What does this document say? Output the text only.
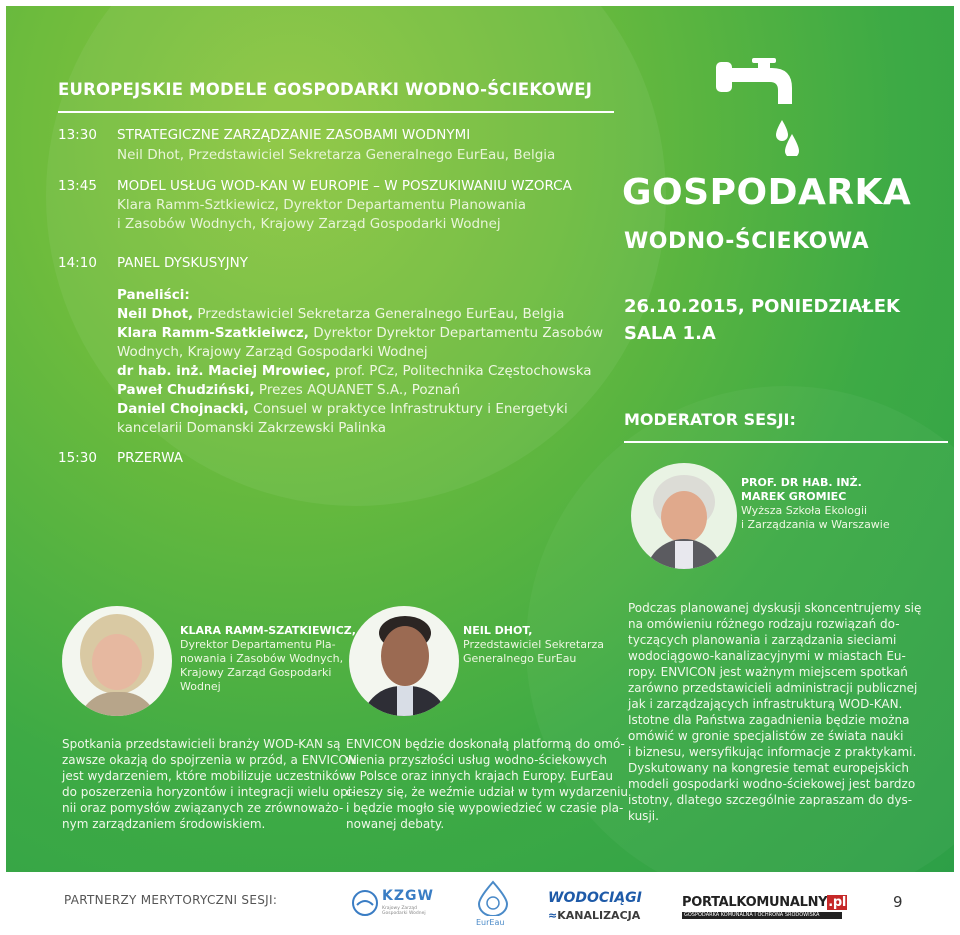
EUROPEJSKIE MODELE GOSPODARKI WODNO-ŚCIEKOWEJ
13:30 STRATEGICZNE ZARZĄDZANIE ZASOBAMI WODNYMI
Neil Dhot, Przedstawiciel Sekretarza Generalnego EurEau, Belgia
13:45 MODEL USŁUG WOD-KAN W EUROPIE – W POSZUKIWANIU WZORCA
Klara Ramm-Sztkiewicz, Dyrektor Departamentu Planowania
i Zasobów Wodnych, Krajowy Zarząd Gospodarki Wodnej
14:10 PANEL DYSKUSYJNY
Paneliści:
Neil Dhot, Przedstawiciel Sekretarza Generalnego EurEau, Belgia
Klara Ramm-Szatkieiwcz, Dyrektor Dyrektor Departamentu Zasobów
Wodnych, Krajowy Zarząd Gospodarki Wodnej
dr hab. inż. Maciej Mrowiec, prof. PCz, Politechnika Częstochowska
Paweł Chudziński, Prezes AQUANET S.A., Poznań
Daniel Chojnacki, Consuel w praktyce Infrastruktury i Energetyki
kancelarii Domanski Zakrzewski Palinka
15:30 PRZERWA
GOSPODARKA
WODNO-ŚCIEKOWA
26.10.2015, PONIEDZIAŁEK
SALA 1.A
MODERATOR SESJI:
PROF. DR HAB. INŻ.
MAREK GROMIEC
Wyższa Szkoła Ekologii
i Zarządzania w Warszawie
KLARA RAMM-SZATKIEWICZ,
Dyrektor Departamentu Pla-
nowania i Zasobów Wodnych,
Krajowy Zarząd Gospodarki
Wodnej
NEIL DHOT,
Przedstawiciel Sekretarza
Generalnego EurEau
Spotkania przedstawicieli branży WOD-KAN są
zawsze okazją do spojrzenia w przód, a ENVICON
jest wydarzeniem, które mobilizuje uczestników
do poszerzenia horyzontów i integracji wielu opi-
nii oraz pomysłów związanych ze zrównoważo-
nym zarządzaniem środowiskiem.
ENVICON będzie doskonałą platformą do omó-
wienia przyszłości usług wodno-ściekowych
w Polsce oraz innych krajach Europy. EurEau
cieszy się, że weźmie udział w tym wydarzeniu
i będzie mogło się wypowiedzieć w czasie pla-
nowanej debaty.
Podczas planowanej dyskusji skoncentrujemy się
na omówieniu różnego rodzaju rozwiązań do-
tyczących planowania i zarządzania sieciami
wodociągowo-kanalizacyjnymi w miastach Eu-
ropy. ENVICON jest ważnym miejscem spotkań
zarówno przedstawicieli administracji publicznej
jak i zarządzających infrastrukturą WOD-KAN.
Istotne dla Państwa zagadnienia będzie można
omówić w gronie specjalistów ze świata nauki
i biznesu, wersyfikując informacje z praktykami.
Dyskutowany na kongresie temat europejskich
modeli gospodarki wodno-ściekowej jest bardzo
istotny, dlatego szczególnie zapraszam do dys-
kusji.
PARTNERZY MERYTORYCZNI SESJI:	KZGW
Krajowy Zarząd Gospodarki Wodnej
EurEau
WODOCIĄGI
≈KANALIZACJA
PORTALKOMUNALNY.pl
GOSPODARKA KOMUNALNA I OCHRONA ŚRODOWISKA
9
